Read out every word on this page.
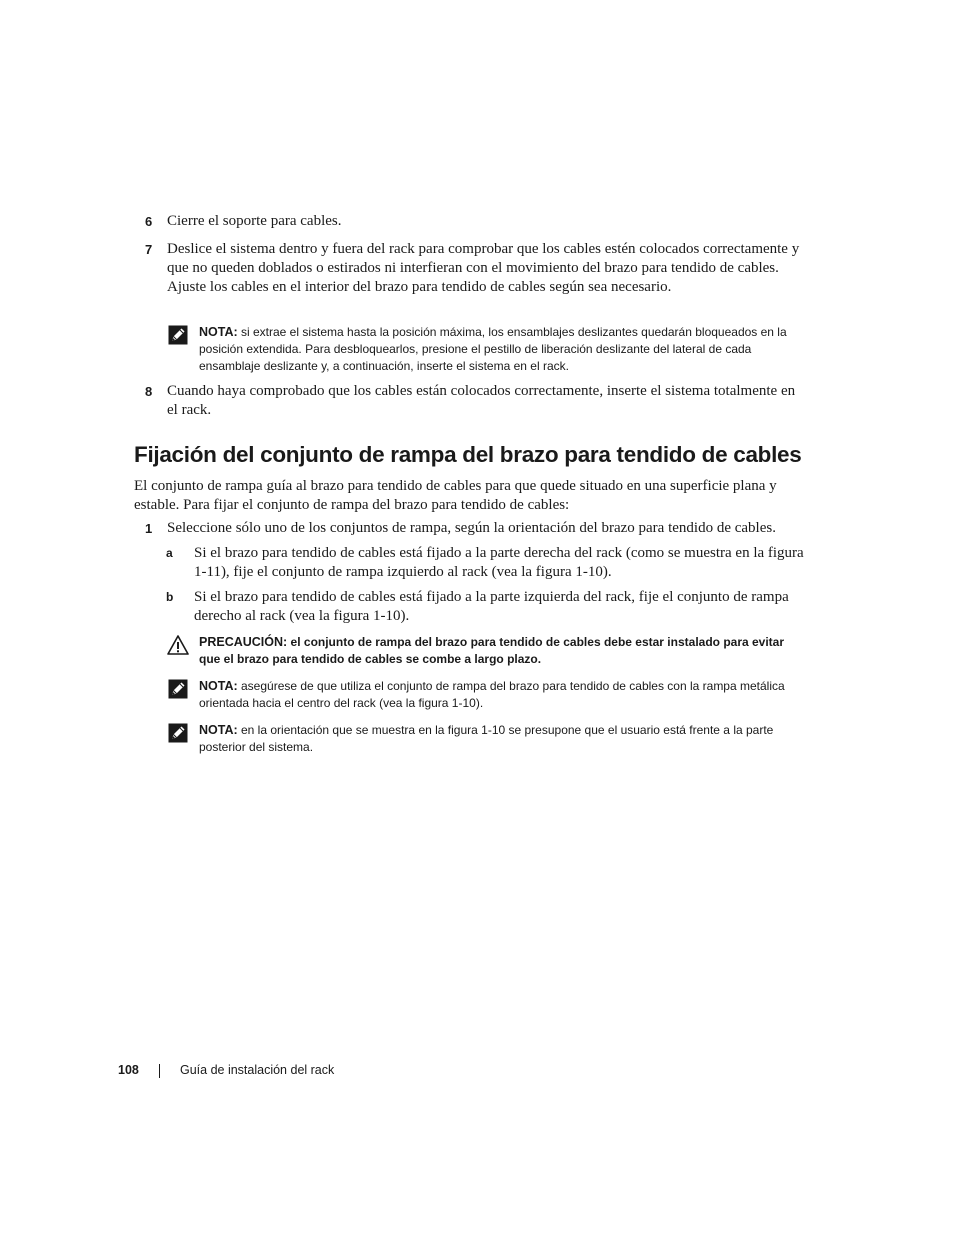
6 Cierre el soporte para cables.
7 Deslice el sistema dentro y fuera del rack para comprobar que los cables estén colocados correctamente y que no queden doblados o estirados ni interfieran con el movimiento del brazo para tendido de cables. Ajuste los cables en el interior del brazo para tendido de cables según sea necesario.
NOTA: si extrae el sistema hasta la posición máxima, los ensamblajes deslizantes quedarán bloqueados en la posición extendida. Para desbloquearlos, presione el pestillo de liberación deslizante del lateral de cada ensamblaje deslizante y, a continuación, inserte el sistema en el rack.
8 Cuando haya comprobado que los cables están colocados correctamente, inserte el sistema totalmente en el rack.
Fijación del conjunto de rampa del brazo para tendido de cables
El conjunto de rampa guía al brazo para tendido de cables para que quede situado en una superficie plana y estable. Para fijar el conjunto de rampa del brazo para tendido de cables:
1 Seleccione sólo uno de los conjuntos de rampa, según la orientación del brazo para tendido de cables.
a Si el brazo para tendido de cables está fijado a la parte derecha del rack (como se muestra en la figura 1-11), fije el conjunto de rampa izquierdo al rack (vea la figura 1-10).
b Si el brazo para tendido de cables está fijado a la parte izquierda del rack, fije el conjunto de rampa derecho al rack (vea la figura 1-10).
PRECAUCIÓN: el conjunto de rampa del brazo para tendido de cables debe estar instalado para evitar que el brazo para tendido de cables se combe a largo plazo.
NOTA: asegúrese de que utiliza el conjunto de rampa del brazo para tendido de cables con la rampa metálica orientada hacia el centro del rack (vea la figura 1-10).
NOTA: en la orientación que se muestra en la figura 1-10 se presupone que el usuario está frente a la parte posterior del sistema.
108	Guía de instalación del rack
